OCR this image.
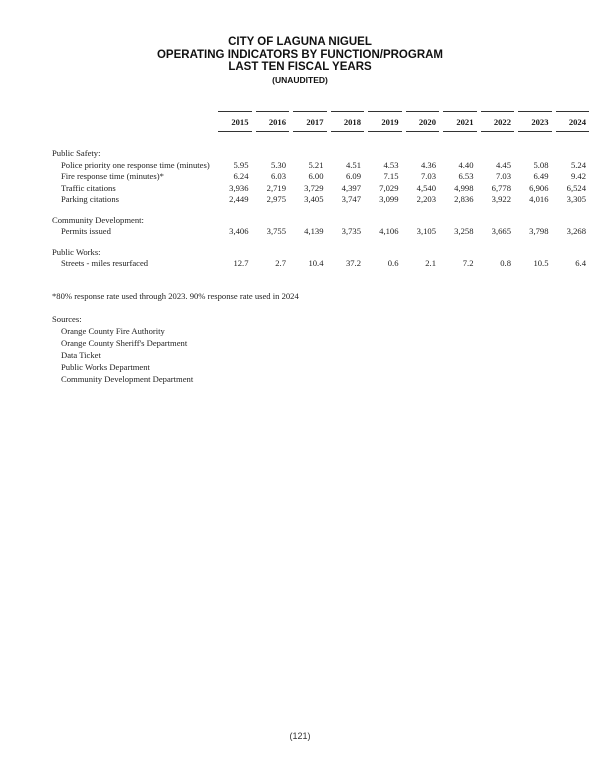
CITY OF LAGUNA NIGUEL
OPERATING INDICATORS BY FUNCTION/PROGRAM
LAST TEN FISCAL YEARS
(UNAUDITED)
	2015		2016		2017		2018		2019		2020		2021		2022		2023		2024

Public Safety:																			
Police priority one response time (minutes)	5.95		5.30		5.21		4.51		4.53		4.36		4.40		4.45		5.08		5.24
Fire response time (minutes)*	6.24		6.03		6.00		6.09		7.15		7.03		6.53		7.03		6.49		9.42
Traffic citations	3,936		2,719		3,729		4,397		7,029		4,540		4,998		6,778		6,906		6,524
Parking citations	2,449		2,975		3,405		3,747		3,099		2,203		2,836		3,922		4,016		3,305

Community Development:																			
Permits issued	3,406		3,755		4,139		3,735		4,106		3,105		3,258		3,665		3,798		3,268

Public Works:																			
Streets - miles resurfaced	12.7		2.7		10.4		37.2		0.6		2.1		7.2		0.8		10.5		6.4
*80% response rate used through 2023. 90% response rate used in 2024
Sources:
Orange County Fire Authority
Orange County Sheriff's Department
Data Ticket
Public Works Department
Community Development Department
(121)
